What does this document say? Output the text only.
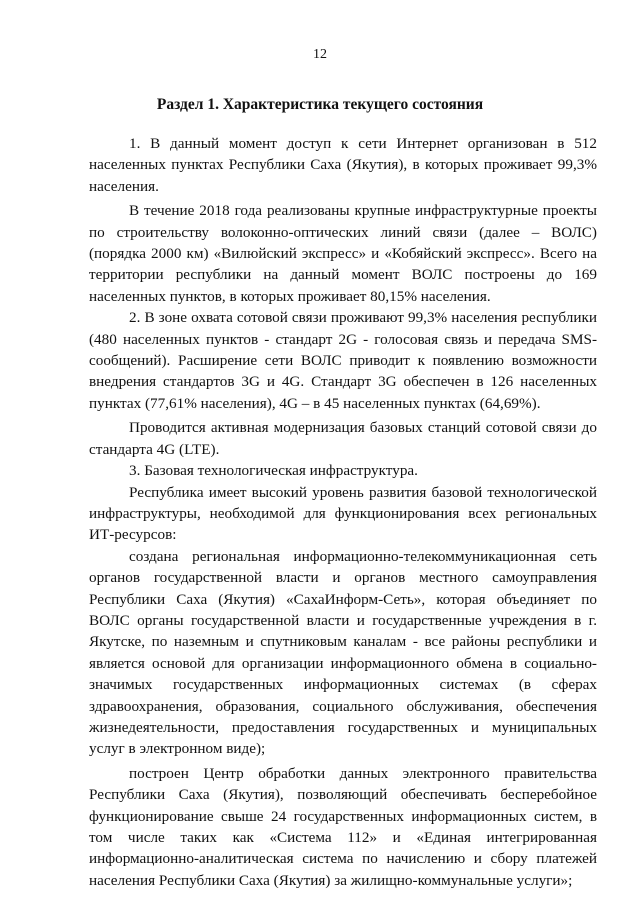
12
Раздел 1. Характеристика текущего состояния

1. В данный момент доступ к сети Интернет организован в 512 населенных пунктах Республики Саха (Якутия), в которых проживает 99,3% населения.

В течение 2018 года реализованы крупные инфраструктурные проекты по строительству волоконно-оптических линий связи (далее – ВОЛС) (порядка 2000 км) «Вилюйский экспресс» и «Кобяйский экспресс». Всего на территории республики на данный момент ВОЛС построены до 169 населенных пунктов, в которых проживает 80,15% населения.

2. В зоне охвата сотовой связи проживают 99,3% населения республики (480 населенных пунктов - стандарт 2G - голосовая связь и передача SMS-сообщений). Расширение сети ВОЛС приводит к появлению возможности внедрения стандартов 3G и 4G. Стандарт 3G обеспечен в 126 населенных пунктах (77,61% населения), 4G – в 45 населенных пунктах (64,69%).

Проводится активная модернизация базовых станций сотовой связи до стандарта 4G (LTE).

3. Базовая технологическая инфраструктура.

Республика имеет высокий уровень развития базовой технологической инфраструктуры, необходимой для функционирования всех региональных ИТ-ресурсов:

создана региональная информационно-телекоммуникационная сеть органов государственной власти и органов местного самоуправления Республики Саха (Якутия) «СахаИнформ-Сеть», которая объединяет по ВОЛС органы государственной власти и государственные учреждения в г. Якутске, по наземным и спутниковым каналам - все районы республики и является основой для организации информационного обмена в социально-значимых государственных информационных системах (в сферах здравоохранения, образования, социального обслуживания, обеспечения жизнедеятельности, предоставления государственных и муниципальных услуг в электронном виде);

построен Центр обработки данных электронного правительства Республики Саха (Якутия), позволяющий обеспечивать бесперебойное функционирование свыше 24 государственных информационных систем, в том числе таких как «Система 112» и «Единая интегрированная информационно-аналитическая система по начислению и сбору платежей населения Республики Саха (Якутия) за жилищно-коммунальные услуги»;
